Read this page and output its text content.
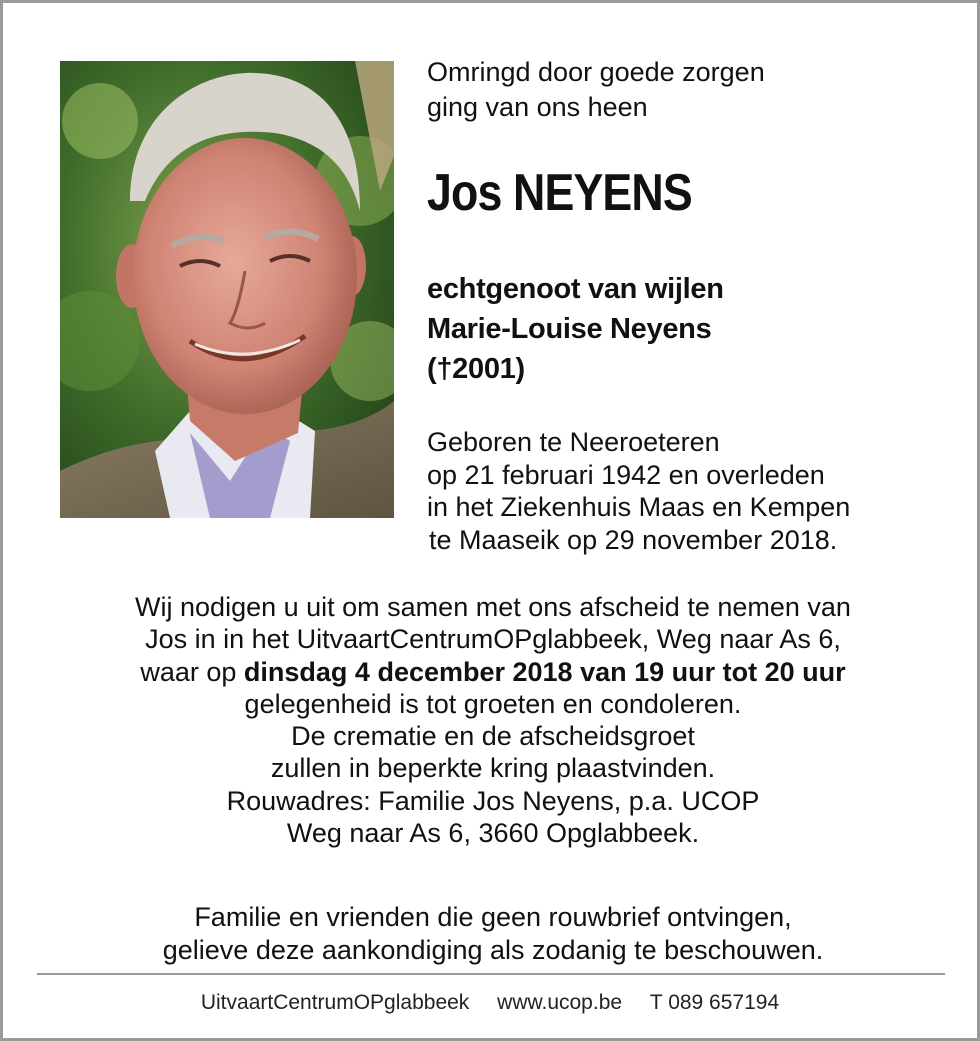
Omringd door goede zorgen
ging van ons heen

Jos NEYENS

echtgenoot van wijlen
Marie-Louise Neyens
(†2001)

Geboren te Neeroeteren
op 21 februari 1942 en overleden
in het Ziekenhuis Maas en Kempen
te Maaseik op 29 november 2018.

Wij nodigen u uit om samen met ons afscheid te nemen van
Jos in in het UitvaartCentrumOPglabbeek, Weg naar As 6,
waar op dinsdag 4 december 2018 van 19 uur tot 20 uur
gelegenheid is tot groeten en condoleren.
De crematie en de afscheidsgroet
zullen in beperkte kring plaastvinden.
Rouwadres: Familie Jos Neyens, p.a. UCOP
Weg naar As 6, 3660 Opglabbeek.

Familie en vrienden die geen rouwbrief ontvingen,
gelieve deze aankondiging als zodanig te beschouwen.

UitvaartCentrumOPglabbeek www.ucop.be T 089 657194
